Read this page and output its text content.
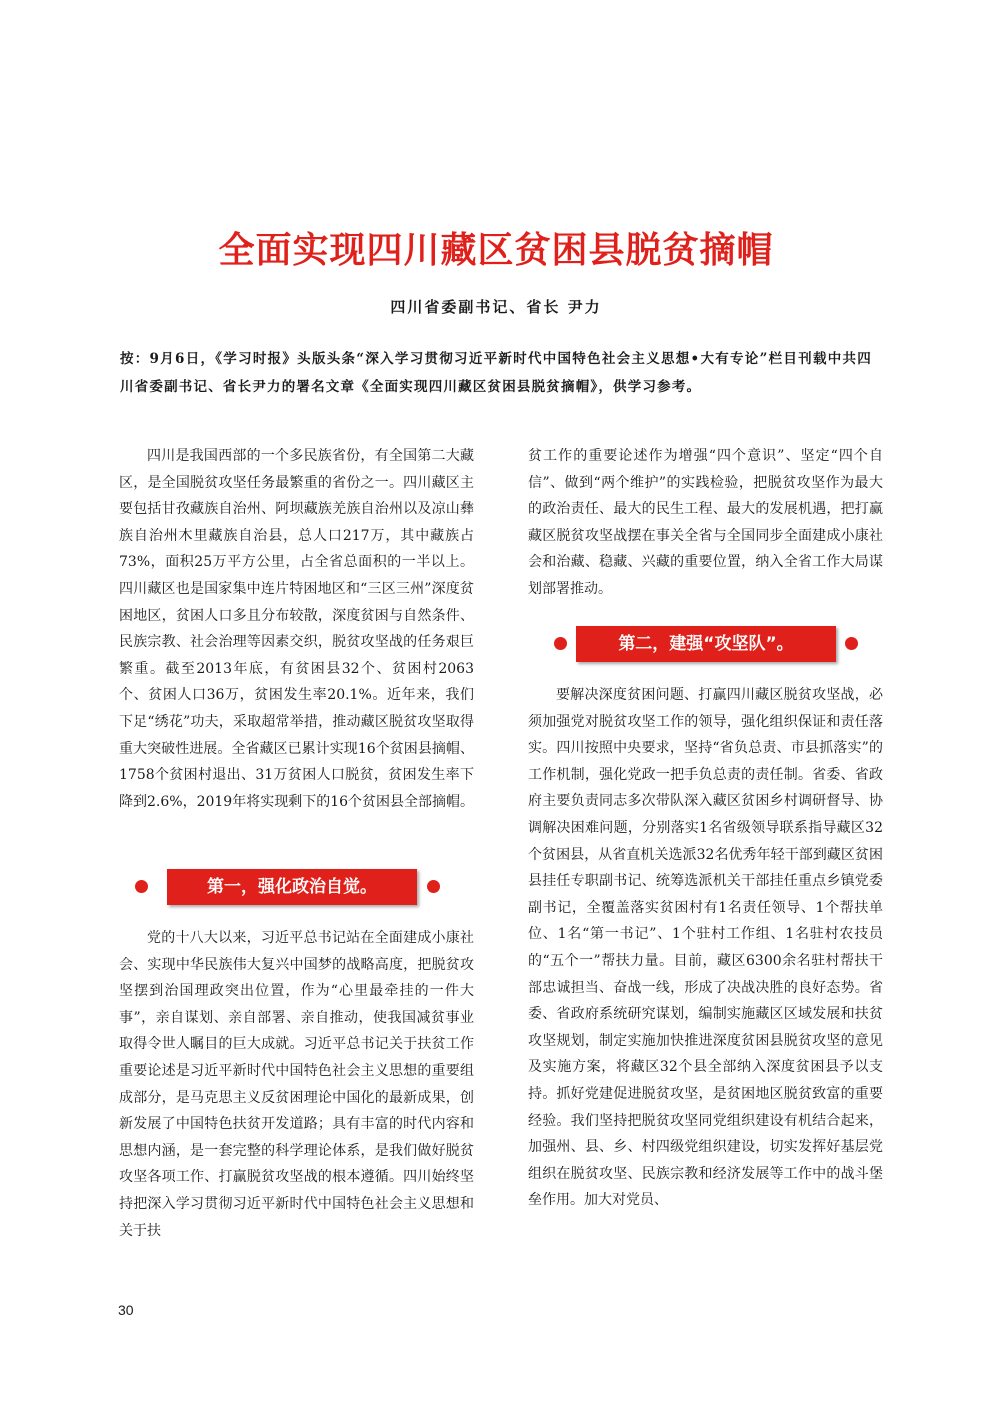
全面实现四川藏区贫困县脱贫摘帽
四川省委副书记、省长 尹力

按：9月6日，《学习时报》头版头条“深入学习贯彻习近平新时代中国特色社会主义思想•大有专论”栏目刊载中共四川省委副书记、省长尹力的署名文章《全面实现四川藏区贫困县脱贫摘帽》，供学习参考。

四川是我国西部的一个多民族省份，有全国第二大藏区，是全国脱贫攻坚任务最繁重的省份之一。四川藏区主要包括甘孜藏族自治州、阿坝藏族羌族自治州以及凉山彝族自治州木里藏族自治县，总人口217万，其中藏族占73%，面积25万平方公里，占全省总面积的一半以上。四川藏区也是国家集中连片特困地区和“三区三州”深度贫困地区，贫困人口多且分布较散，深度贫困与自然条件、民族宗教、社会治理等因素交织，脱贫攻坚战的任务艰巨繁重。截至2013年底，有贫困县32个、贫困村2063个、贫困人口36万，贫困发生率20.1%。近年来，我们下足“绣花”功夫，采取超常举措，推动藏区脱贫攻坚取得重大突破性进展。全省藏区已累计实现16个贫困县摘帽、1758个贫困村退出、31万贫困人口脱贫，贫困发生率下降到2.6%，2019年将实现剩下的16个贫困县全部摘帽。

第一，强化政治自觉。

党的十八大以来，习近平总书记站在全面建成小康社会、实现中华民族伟大复兴中国梦的战略高度，把脱贫攻坚摆到治国理政突出位置，作为“心里最牵挂的一件大事”，亲自谋划、亲自部署、亲自推动，使我国减贫事业取得令世人瞩目的巨大成就。习近平总书记关于扶贫工作重要论述是习近平新时代中国特色社会主义思想的重要组成部分，是马克思主义反贫困理论中国化的最新成果，创新发展了中国特色扶贫开发道路；具有丰富的时代内容和思想内涵，是一套完整的科学理论体系，是我们做好脱贫攻坚各项工作、打赢脱贫攻坚战的根本遵循。四川始终坚持把深入学习贯彻习近平新时代中国特色社会主义思想和关于扶

贫工作的重要论述作为增强“四个意识”、坚定“四个自信”、做到“两个维护”的实践检验，把脱贫攻坚作为最大的政治责任、最大的民生工程、最大的发展机遇，把打赢藏区脱贫攻坚战摆在事关全省与全国同步全面建成小康社会和治藏、稳藏、兴藏的重要位置，纳入全省工作大局谋划部署推动。

第二，建强“攻坚队”。

要解决深度贫困问题、打赢四川藏区脱贫攻坚战，必须加强党对脱贫攻坚工作的领导，强化组织保证和责任落实。四川按照中央要求，坚持“省负总责、市县抓落实”的工作机制，强化党政一把手负总责的责任制。省委、省政府主要负责同志多次带队深入藏区贫困乡村调研督导、协调解决困难问题，分别落实1名省级领导联系指导藏区32个贫困县，从省直机关选派32名优秀年轻干部到藏区贫困县挂任专职副书记、统筹选派机关干部挂任重点乡镇党委副书记，全覆盖落实贫困村有1名责任领导、1个帮扶单位、1名“第一书记”、1个驻村工作组、1名驻村农技员的“五个一”帮扶力量。目前，藏区6300余名驻村帮扶干部忠诚担当、奋战一线，形成了决战决胜的良好态势。省委、省政府系统研究谋划，编制实施藏区区域发展和扶贫攻坚规划，制定实施加快推进深度贫困县脱贫攻坚的意见及实施方案，将藏区32个县全部纳入深度贫困县予以支持。抓好党建促进脱贫攻坚，是贫困地区脱贫致富的重要经验。我们坚持把脱贫攻坚同党组织建设有机结合起来，加强州、县、乡、村四级党组织建设，切实发挥好基层党组织在脱贫攻坚、民族宗教和经济发展等工作中的战斗堡垒作用。加大对党员、

30
